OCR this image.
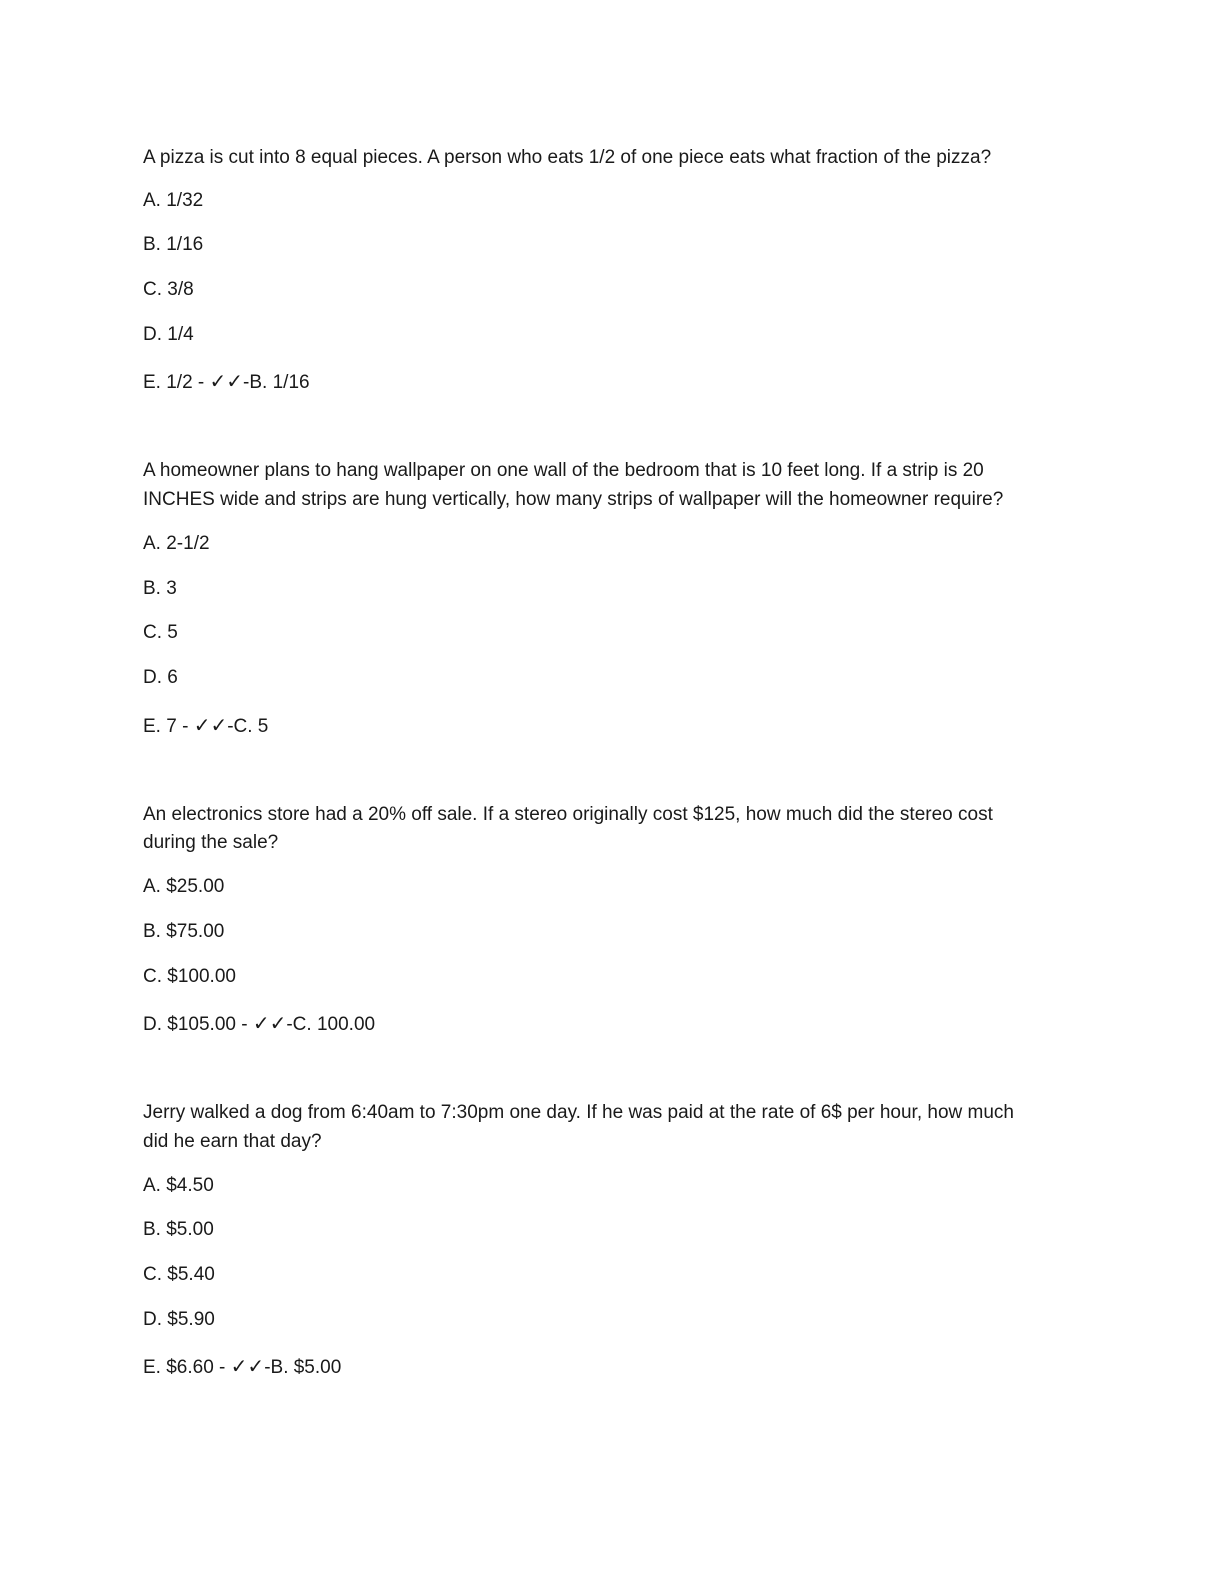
A pizza is cut into 8 equal pieces. A person who eats 1/2 of one piece eats what fraction of the pizza?
A. 1/32
B. 1/16
C. 3/8
D. 1/4
E. 1/2 - ✓✓-B. 1/16
A homeowner plans to hang wallpaper on one wall of the bedroom that is 10 feet long. If a strip is 20
INCHES wide and strips are hung vertically, how many strips of wallpaper will the homeowner require?
A. 2-1/2
B. 3
C. 5
D. 6
E. 7 - ✓✓-C. 5
An electronics store had a 20% off sale. If a stereo originally cost $125, how much did the stereo cost
during the sale?
A. $25.00
B. $75.00
C. $100.00
D. $105.00 - ✓✓-C. 100.00
Jerry walked a dog from 6:40am to 7:30pm one day. If he was paid at the rate of 6$ per hour, how much
did he earn that day?
A. $4.50
B. $5.00
C. $5.40
D. $5.90
E. $6.60 - ✓✓-B. $5.00
